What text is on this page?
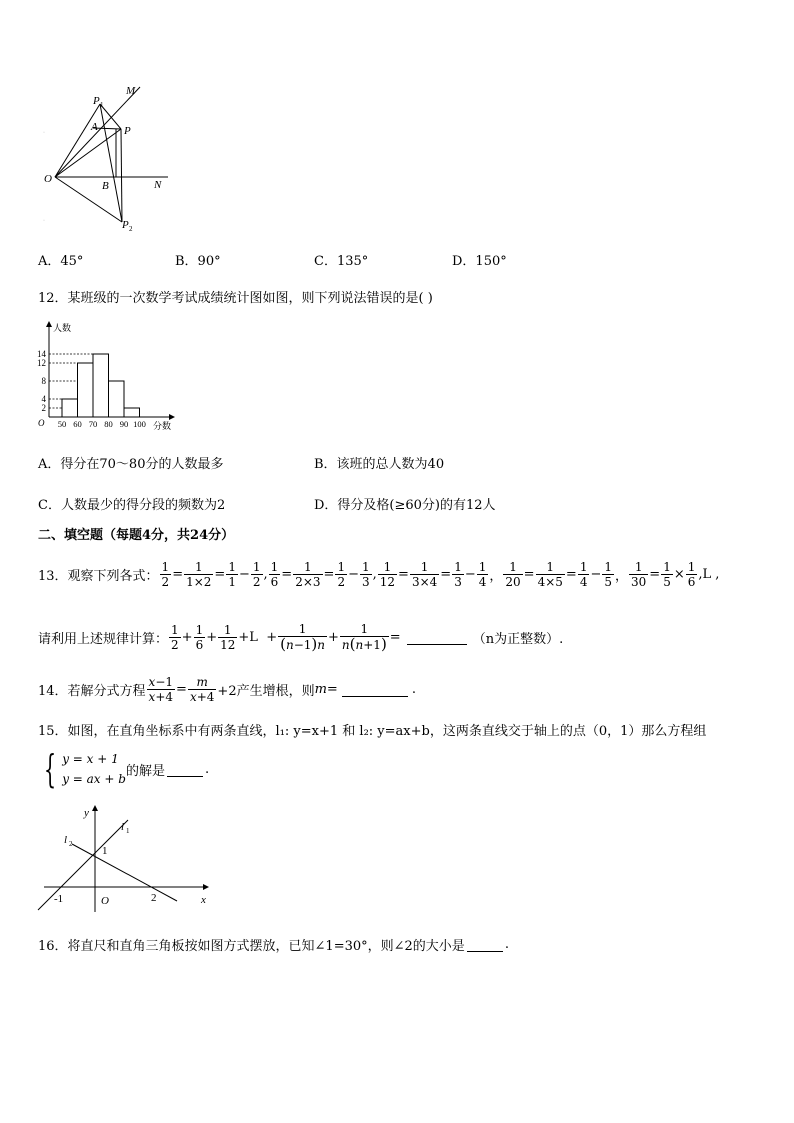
·
·
M
P 1
A P
O
B	N
P 2
A．45°	B．90°	C．135°	D．150°
12．某班级的一次数学考试成绩统计图如图，则下列说法错误的是( )
人数
分数
O 50 60 70 80 90 100
2
4
8
12
14
A．得分在70～80分的人数最多	B．该班的总人数为40
C．人数最少的得分段的频数为2	D．得分及格(≥60分)的有12人
二、填空题（每题4分，共24分）
13．观察下列各式： $\frac{1}{2} = \frac{1}{1\times 2} = \frac{1}{1} - \frac{1}{2}$ , $\frac{1}{6} = \frac{1}{2\times 3} = \frac{1}{2} - \frac{1}{3}$ , $\frac{1}{12} = \frac{1}{3\times 4} = \frac{1}{3} - \frac{1}{4}$ ， $\frac{1}{20} = \frac{1}{4\times 5} = \frac{1}{4} - \frac{1}{5}$ ， $\frac{1}{30} = \frac{1}{5} \times \frac{1}{6}$ , L ,
请利用上述规律计算： $\frac{1}{2} + \frac{1}{6} + \frac{1}{12} + L + \frac{1}{(n-1)n} + \frac{1}{n(n+1)}$ =	（n为正整数）.
14．若解分式方程 $\frac{x-1}{x+4} = \frac{m}{x+4} +2$产生增根，则 m =	.
15．如图，在直角坐标系中有两条直线，l₁: y=x+1 和 l₂: y=ax+b，这两条直线交于轴上的点（0，1）那么方程组
{ y = x + 1
y = ax + b
的解是	.
y
x
O
1
-1	2
l 1
l 2
16．将直尺和直角三角板按如图方式摆放，已知∠1=30°，则∠2的大小是	.
